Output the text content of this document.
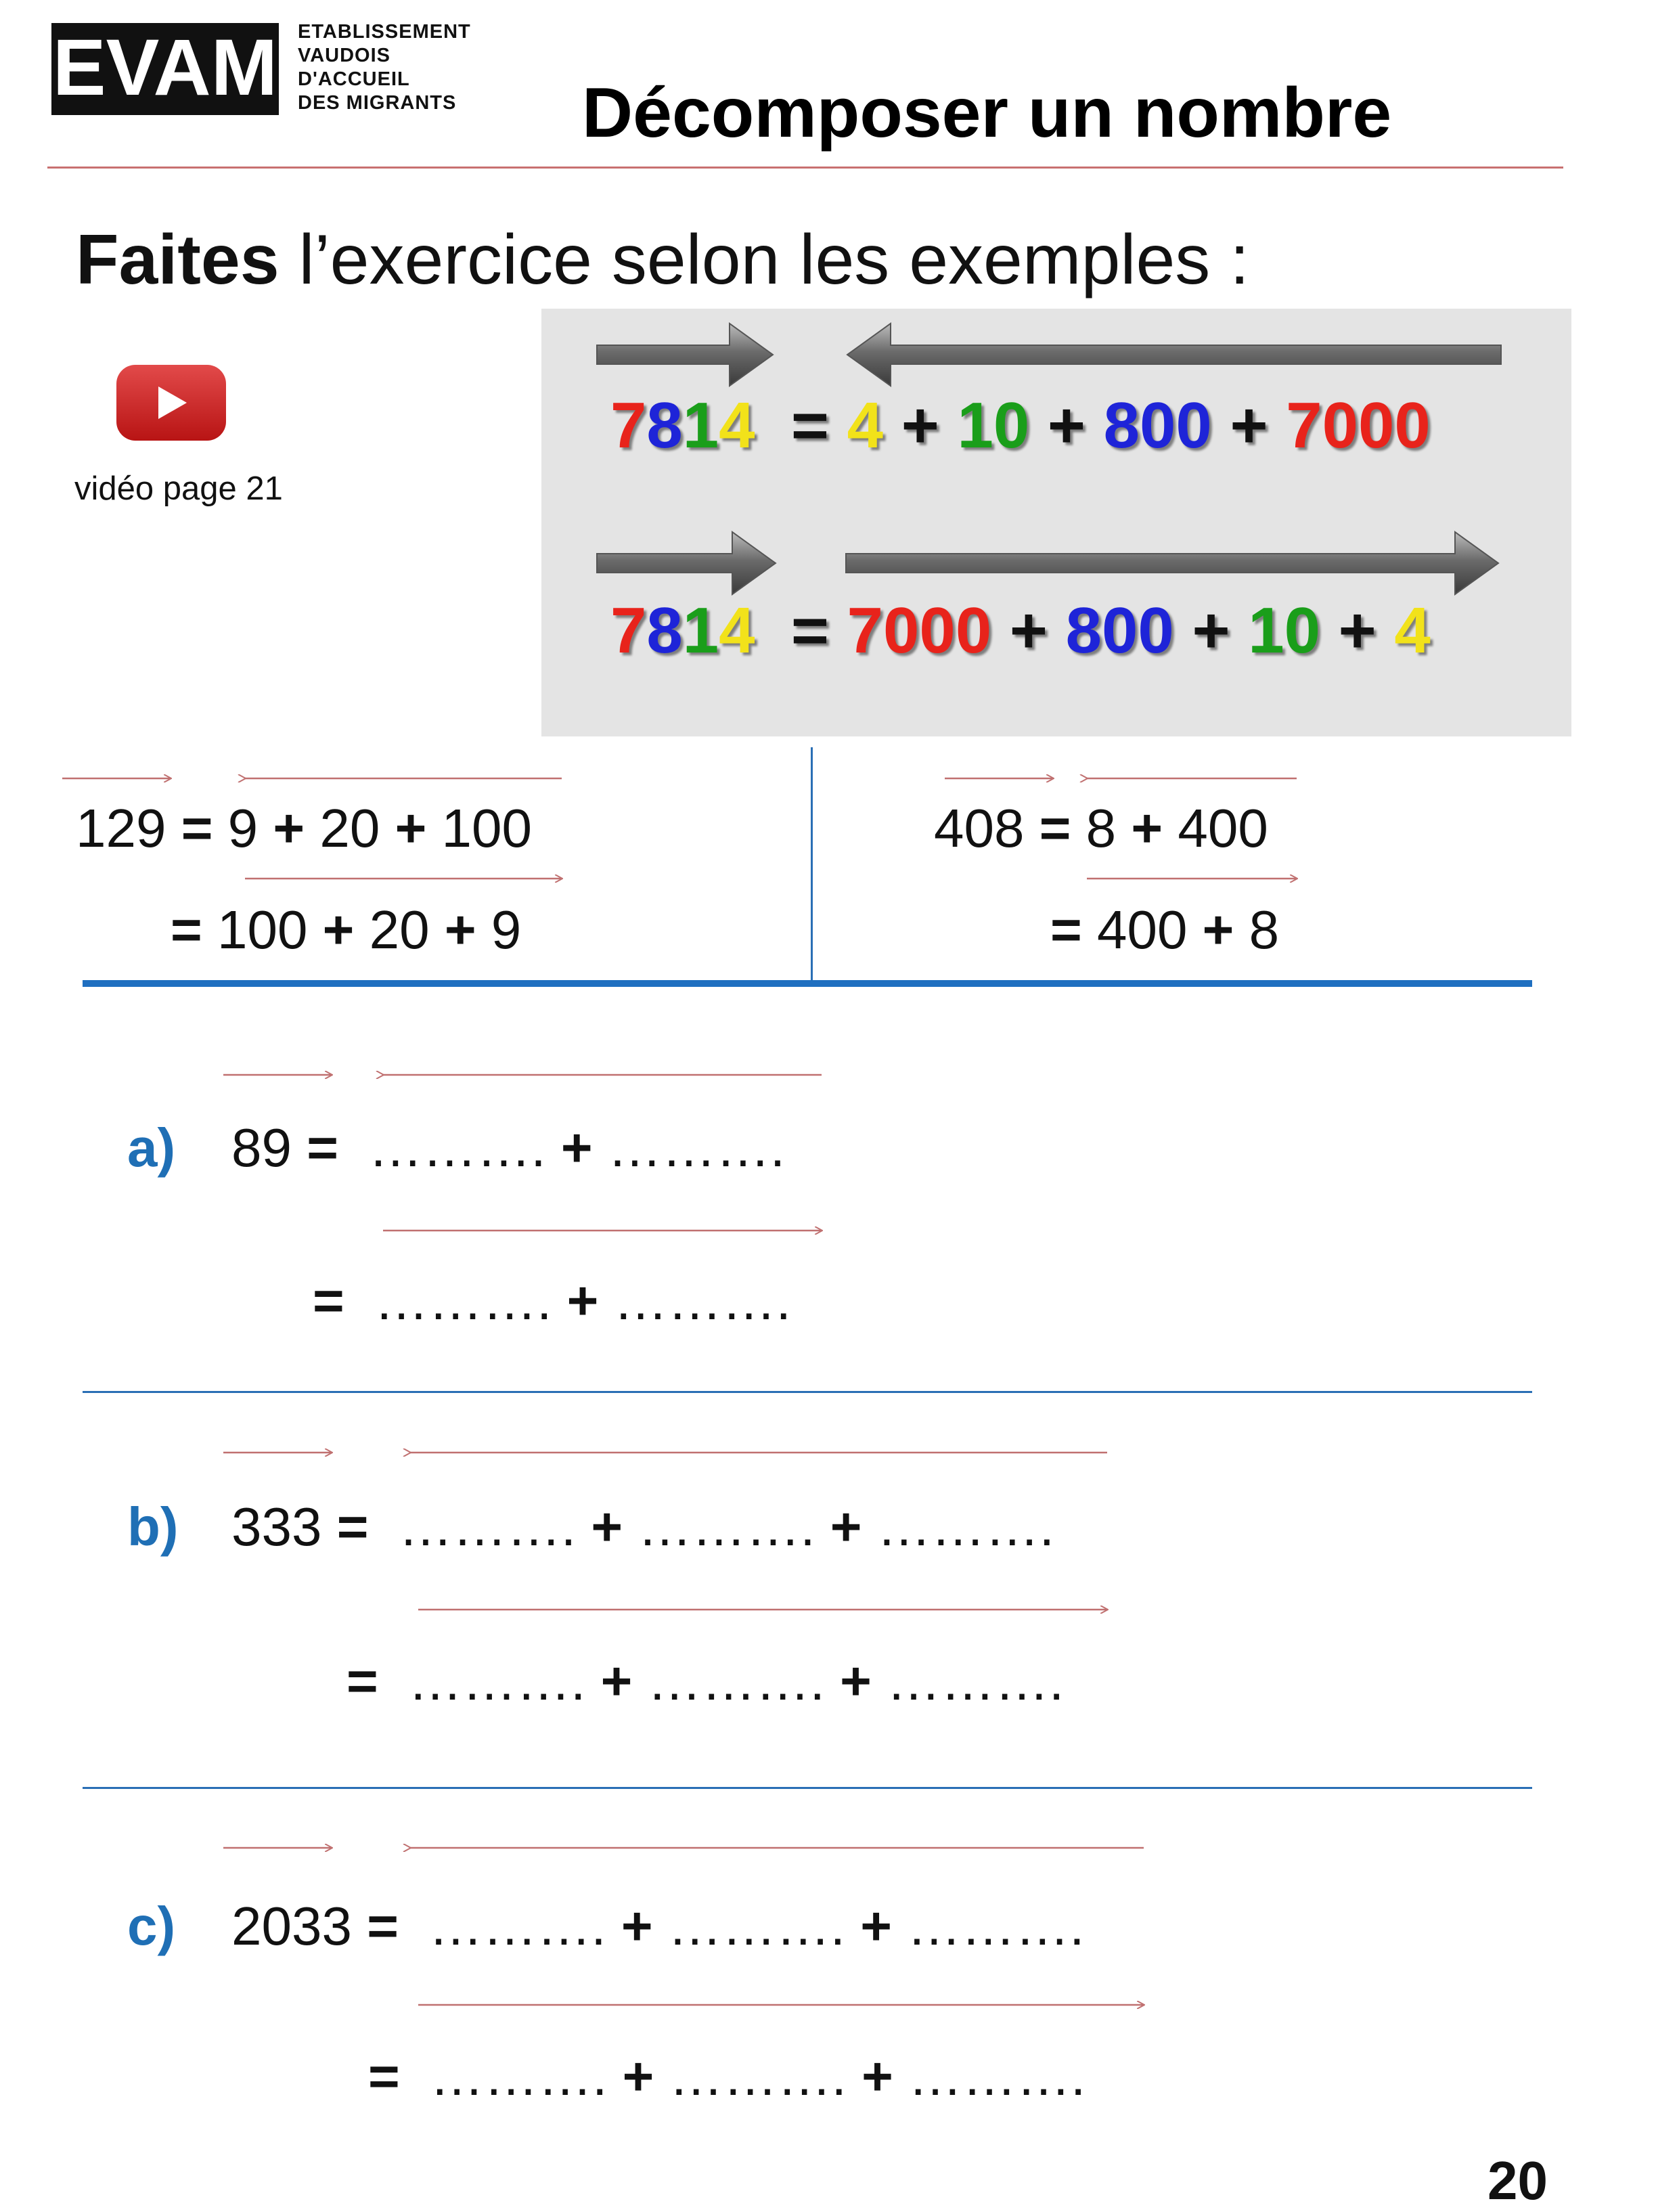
EVAM ETABLISSEMENT
VAUDOIS
D'ACCUEIL
DES MIGRANTS Décomposer un nombre
Faites l’exercice selon les exemples :
vidéo page 21
7814 = 4 + 10 + 800 + 7000
7814 = 7000 + 800 + 10 + 4
129 = 9 + 20 + 100
= 100 + 20 + 9
408 = 8 + 400
= 400 + 8
a) 89 = ………. + ……….
= ………. + ……….
b) 333 = ………. + ………. + ……….
= ………. + ………. + ……….
c) 2033 = ………. + ………. + ……….
= ………. + ………. + ……….
20
